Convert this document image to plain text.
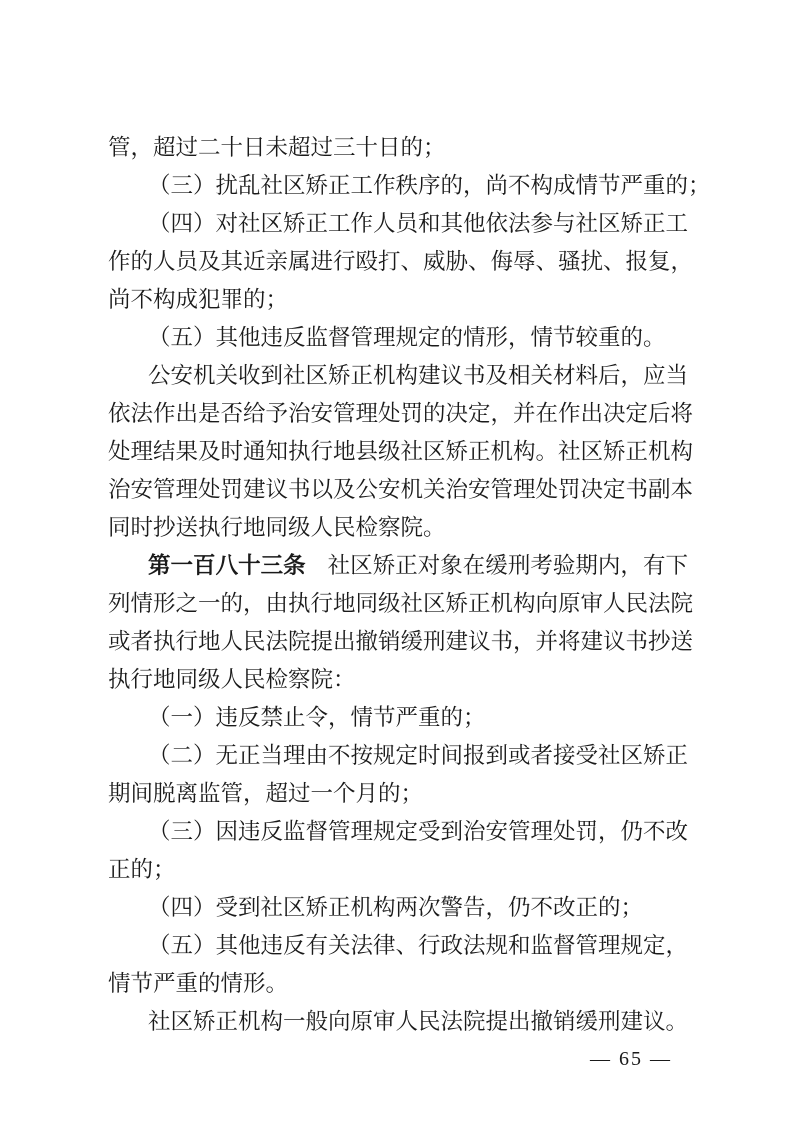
管，超过二十日未超过三十日的；
（三）扰乱社区矫正工作秩序的，尚不构成情节严重的；
（四）对社区矫正工作人员和其他依法参与社区矫正工
作的人员及其近亲属进行殴打、威胁、侮辱、骚扰、报复，
尚不构成犯罪的；
（五）其他违反监督管理规定的情形，情节较重的。
公安机关收到社区矫正机构建议书及相关材料后，应当
依法作出是否给予治安管理处罚的决定，并在作出决定后将
处理结果及时通知执行地县级社区矫正机构。社区矫正机构
治安管理处罚建议书以及公安机关治安管理处罚决定书副本
同时抄送执行地同级人民检察院。
第一百八十三条 社区矫正对象在缓刑考验期内，有下
列情形之一的，由执行地同级社区矫正机构向原审人民法院
或者执行地人民法院提出撤销缓刑建议书，并将建议书抄送
执行地同级人民检察院：
（一）违反禁止令，情节严重的；
（二）无正当理由不按规定时间报到或者接受社区矫正
期间脱离监管，超过一个月的；
（三）因违反监督管理规定受到治安管理处罚，仍不改
正的；
（四）受到社区矫正机构两次警告，仍不改正的；
（五）其他违反有关法律、行政法规和监督管理规定，
情节严重的情形。
社区矫正机构一般向原审人民法院提出撤销缓刑建议。
— 65 —
